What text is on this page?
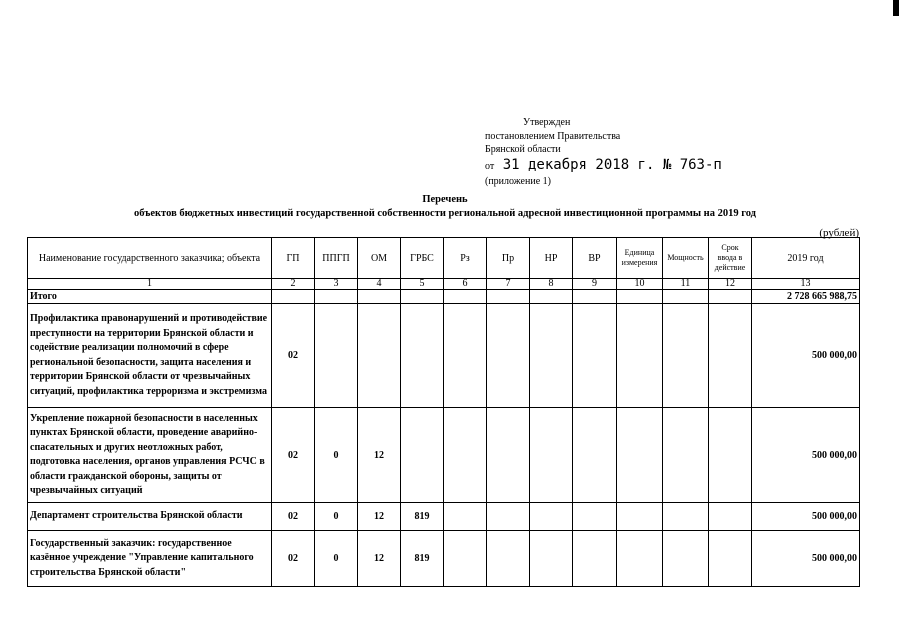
Утвержден
постановлением Правительства
Брянской области
от 31 декабря 2018 г. № 763-п
(приложение 1)
Перечень
объектов бюджетных инвестиций государственной собственности региональной адресной инвестиционной программы на 2019 год
(рублей)
Наименование государственного заказчика; объекта	ГП	ППГП	ОМ	ГРБС	Рз	Пр	НР	ВР	Единица измерения	Мощность	Срок ввода в действие	2019 год
1	2	3	4	5	6	7	8	9	10	11	12	13
Итого												2 728 665 988,75
Профилактика правонарушений и противодействие преступности на территории Брянской области и содействие реализации полномочий в сфере региональной безопасности, защита населения и территории Брянской области от чрезвычайных ситуаций, профилактика терроризма и экстремизма	02											500 000,00
Укрепление пожарной безопасности в населенных пунктах Брянской области, проведение аварийно-спасательных и других неотложных работ, подготовка населения, органов управления РСЧС в области гражданской обороны, защиты от чрезвычайных ситуаций	02	0	12									500 000,00
Департамент строительства Брянской области	02	0	12	819								500 000,00
Государственный заказчик: государственное казённое учреждение "Управление капитального строительства Брянской области"	02	0	12	819								500 000,00
